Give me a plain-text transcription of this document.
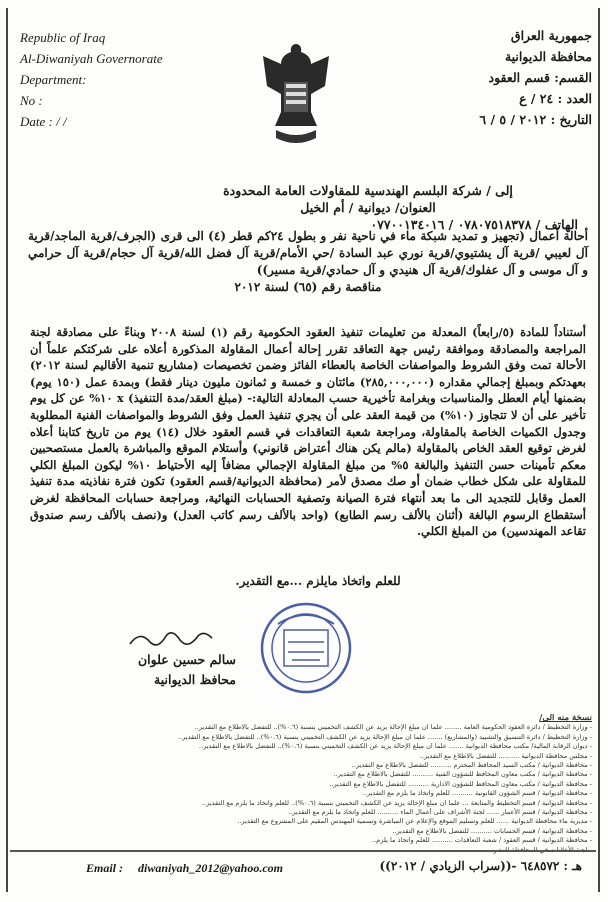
Republic of Iraq
Al-Diwaniyah Governorate
Department:
No :
Date : / /
جمهورية العراق
محافظة الديوانية
القسم: قسم العقود
العدد : ٢٤ / ع
التاريخ : ٢٠١٢ / ٥ / ٦
إلى / شركة البلسم الهندسية للمقاولات العامة المحدودة
العنوان/ ديوانية / أم الخيل
الهاتف / ٠٧٨٠٧٥١٨٣٧٨ / ٠٧٧٠٠١٣٤٠١٦
أحالة أعمال (تجهيز و تمديد شبكة ماء في ناحية نفر و بطول ٢٤كم قطر (٤) الى قرى (الجرف/قرية الماجد/قرية آل لعيبي /قرية آل يشتيوي/قرية نوري عبد السادة /حي الأمام/قرية آل فضل الله/قرية آل حجام/قرية آل حرامي و آل موسى و آل عفلوك/قرية آل هنيدي و آل حمادي/قرية مسير))
مناقصة رقم (٦٥) لسنة ٢٠١٢
أستناداً للمادة (٥/رابعاً) المعدلة من تعليمات تنفيذ العقود الحكومية رقم (١) لسنة ٢٠٠٨ وبناءً على مصادقة لجنة المراجعة والمصادقة وموافقة رئيس جهة التعاقد تقرر إحالة أعمال المقاولة المذكورة أعلاه على شركتكم علماً أن الأحالة تمت وفق الشروط والمواصفات الخاصة بالعطاء الفائز وضمن تخصيصات (مشاريع تنمية الأقاليم لسنة ٢٠١٢) بعهدتكم وبمبلغ إجمالي مقداره (٢٨٥,٠٠٠,٠٠٠) مائتان و خمسة و ثمانون مليون دينار فقط) وبمدة عمل (١٥٠ يوم) بضمنها أيام العطل والمناسبات وبغرامة تأخيرية حسب المعادلة التالية:- (مبلغ العقد/مدة التنفيذ) x ١٠% عن كل يوم تأخير على أن لا تتجاوز (١٠%) من قيمة العقد على أن يجري تنفيذ العمل وفق الشروط والمواصفات الفنية المطلوبة وجدول الكميات الخاصة بالمقاولة، ومراجعة شعبة التعاقدات في قسم العقود خلال (١٤) يوم من تاريخ كتابنا أعلاه لغرض توقيع العقد الخاص بالمقاولة (مالم يكن هناك أعتراض قانوني) وأستلام الموقع والمباشرة بالعمل مستصحبين معكم تأمينات حسن التنفيذ والبالغة ٥% من مبلغ المقاولة الإجمالي مضافاً إليه الأحتياط ١٠% ليكون المبلغ الكلي للمقاولة على شكل خطاب ضمان أو صك مصدق لأمر (محافظة الديوانية/قسم العقود) تكون فترة نفاذيته مدة تنفيذ العمل وقابل للتجديد الى ما بعد أنتهاء فترة الصيانة وتصفية الحسابات النهائية، ومراجعة حسابات المحافظة لغرض أستقطاع الرسوم البالغة (أثنان بالألف رسم الطابع) (واحد بالألف رسم كاتب العدل) و(نصف بالألف رسم صندوق تقاعد المهندسين) من المبلغ الكلي.
للعلم واتخاذ مايلزم ...مع التقدير.
سالم حسين علوان
محافظ الديوانية
نسخة منه الى/
- وزارة التخطيط / دائرة العقود الحكومية العامة ........ علما ان مبلغ الإحالة يزيد عن الكشف التخميني بنسبة (٠.٦%).. للتفضل بالاطلاع مع التقدير..
- وزارة التخطيط / دائرة التنسيق والتشييد (والمشاريع) ....... علما ان مبلغ الإحالة يزيد عن الكشف التخميني بنسبة (٠.٦%).. للتفضل بالاطلاع مع التقدير..
- ديوان الرقابة المالية/ مكتب محافظة الديوانية ....... علما ان مبلغ الإحالة يزيد عن الكشف التخميني بنسبة (٠.٦%).. للتفضل بالاطلاع مع التقدير..
- مجلس محافظة الديوانية .......... للتفضل بالاطلاع مع التقدير..
- محافظة الديوانية / مكتب السيد المحافظ المحترم .......... للتفضل بالاطلاع مع التقدير..
- محافظة الديوانية / مكتب معاون المحافظ للشؤون الفنية .......... للتفضل بالاطلاع مع التقدير..
- محافظة الديوانية / مكتب معاون المحافظ للشؤون الادارية .......... للتفضل بالاطلاع مع التقدير..
- محافظة الديوانية / قسم الشؤون القانونية .......... للعلم واتخاذ ما يلزم مع التقدير..
- محافظة الديوانية / قسم التخطيط والمتابعة ... علما ان مبلغ الإحالة يزيد عن الكشف التخميني بنسبة (٠.٦%).. للعلم واتخاذ ما يلزم مع التقدير..
- محافظة الديوانية / قسم الأعمار ...... لجنة الأشراف على أعمال الماء .......... للعلم واتخاذ ما يلزم مع التقدير..
- مديرية ماء محافظة الديوانية ...... للعلم وتسليم الموقع والإعلام عن المباشرة وتسمية المهندس المقيم على المشروع مع التقدير..
- محافظة الديوانية / قسم الحسابات .......... للتفضل بالاطلاع مع التقدير..
- محافظة الديوانية / قسم العقود / شعبة التعاقدات .......... للعلم واتخاذ ما يلزم..
- لجنة الأعلانات في المحافظة للنشر ..........
Email : diwaniyah_2012@yahoo.com	هـ : ٦٤٨٥٧٢ -((سراب الزيادي / ٢٠١٢))
